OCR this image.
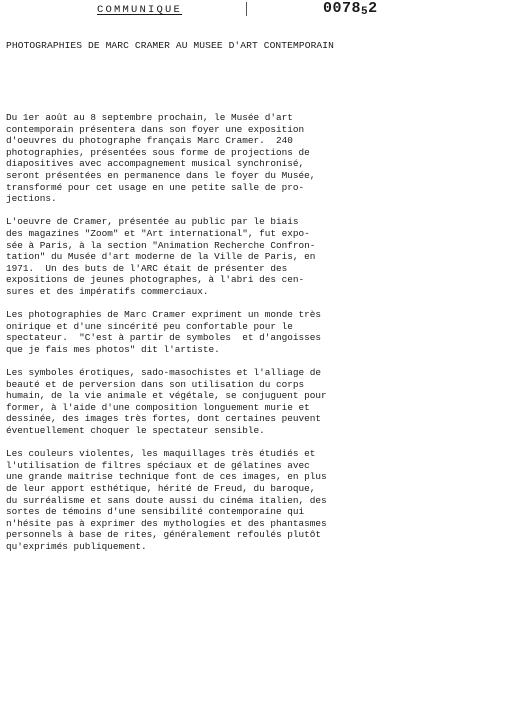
COMMUNIQUE	007852
PHOTOGRAPHIES DE MARC CRAMER AU MUSEE D'ART CONTEMPORAIN
Du 1er août au 8 septembre prochain, le Musée d'art
contemporain présentera dans son foyer une exposition
d'oeuvres du photographe français Marc Cramer.  240
photographies, présentées sous forme de projections de
diapositives avec accompagnement musical synchronisé,
seront présentées en permanence dans le foyer du Musée,
transformé pour cet usage en une petite salle de pro-
jections.
L'oeuvre de Cramer, présentée au public par le biais
des magazines "Zoom" et "Art international", fut expo-
sée à Paris, à la section "Animation Recherche Confron-
tation" du Musée d'art moderne de la Ville de Paris, en
1971.  Un des buts de l'ARC était de présenter des
expositions de jeunes photographes, à l'abri des cen-
sures et des impératifs commerciaux.
Les photographies de Marc Cramer expriment un monde très
onirique et d'une sincérité peu confortable pour le
spectateur.  "C'est à partir de symboles  et d'angoisses
que je fais mes photos" dit l'artiste.
Les symboles érotiques, sado-masochistes et l'alliage de
beauté et de perversion dans son utilisation du corps
humain, de la vie animale et végétale, se conjuguent pour
former, à l'aide d'une composition longuement murie et
dessinée, des images très fortes, dont certaines peuvent
éventuellement choquer le spectateur sensible.
Les couleurs violentes, les maquillages très étudiés et
l'utilisation de filtres spéciaux et de gélatines avec
une grande maitrise technique font de ces images, en plus
de leur apport esthétique, hérité de Freud, du baroque,
du surréalisme et sans doute aussi du cinéma italien, des
sortes de témoins d'une sensibilité contemporaine qui
n'hésite pas à exprimer des mythologies et des phantasmes
personnels à base de rites, généralement refoulés plutôt
qu'exprimés publiquement.
